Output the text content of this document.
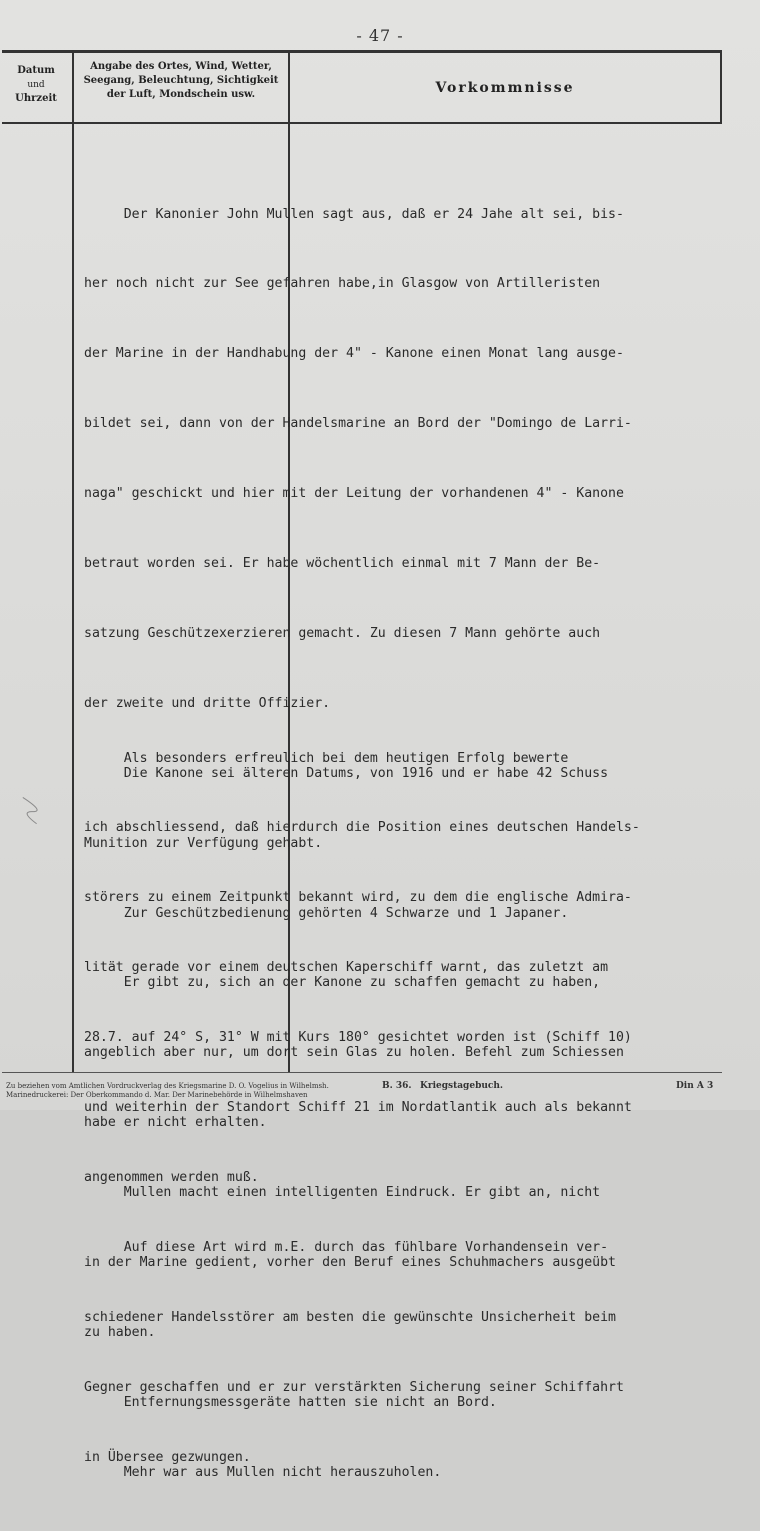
- 47 -
Datum
und
Uhrzeit
Angabe des Ortes, Wind, Wetter,
Seegang, Beleuchtung, Sichtigkeit
der Luft, Mondschein usw.	Vorkommnisse

Der Kanonier John Mullen sagt aus, daß er 24 Jahe alt sei, bis-

her noch nicht zur See gefahren habe,in Glasgow von Artilleristen

der Marine in der Handhabung der 4" - Kanone einen Monat lang ausge-

bildet sei, dann von der Handelsmarine an Bord der "Domingo de Larri-

naga" geschickt und hier mit der Leitung der vorhandenen 4" - Kanone

betraut worden sei. Er habe wöchentlich einmal mit 7 Mann der Be-

satzung Geschützexerzieren gemacht. Zu diesen 7 Mann gehörte auch

der zweite und dritte Offizier.

Die Kanone sei älteren Datums, von 1916 und er habe 42 Schuss

Munition zur Verfügung gehabt.

Zur Geschützbedienung gehörten 4 Schwarze und 1 Japaner.

Er gibt zu, sich an der Kanone zu schaffen gemacht zu haben,

angeblich aber nur, um dort sein Glas zu holen. Befehl zum Schiessen

habe er nicht erhalten.

Mullen macht einen intelligenten Eindruck. Er gibt an, nicht

in der Marine gedient, vorher den Beruf eines Schuhmachers ausgeübt

zu haben.

Entfernungsmessgeräte hatten sie nicht an Bord.

Mehr war aus Mullen nicht herauszuholen.

Als besonders erfreulich bei dem heutigen Erfolg bewerte

ich abschliessend, daß hierdurch die Position eines deutschen Handels-

störers zu einem Zeitpunkt bekannt wird, zu dem die englische Admira-

lität gerade vor einem deutschen Kaperschiff warnt, das zuletzt am

28.7. auf 24° S, 31° W mit Kurs 180° gesichtet worden ist (Schiff 10)

und weiterhin der Standort Schiff 21 im Nordatlantik auch als bekannt

angenommen werden muß.

Auf diese Art wird m.E. durch das fühlbare Vorhandensein ver-

schiedener Handelsstörer am besten die gewünschte Unsicherheit beim

Gegner geschaffen und er zur verstärkten Sicherung seiner Schiffahrt

in Übersee gezwungen.

Zu beziehen vom Amtlichen Vordruckverlag des Kriegsmarine D. O. Vogelius in Wilhelmsh.
Marinedruckerei: Der Oberkommando d. Mar. Der Marinebehörde in Wilhelmshaven
B. 36. Kriegstagebuch.	Din A 3
